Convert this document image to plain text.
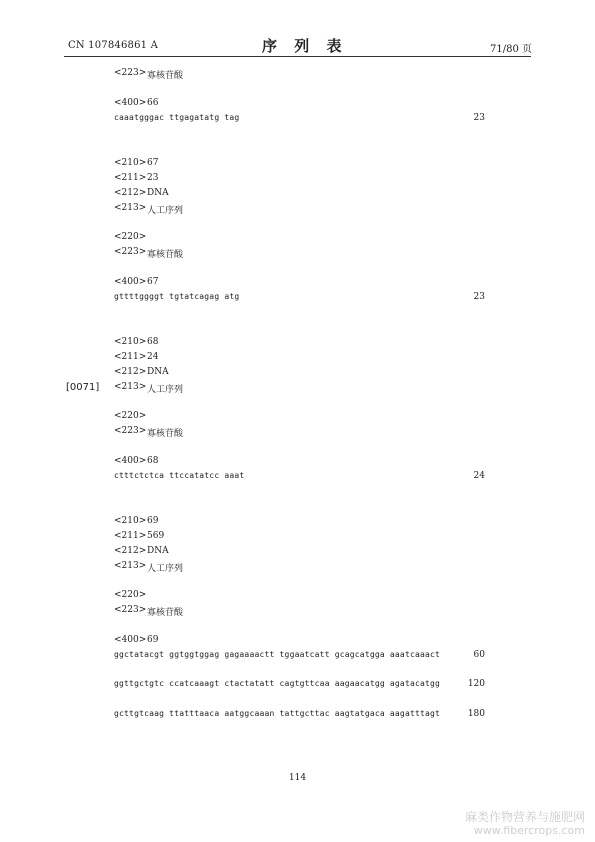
CN 107846861 A	序 列 表	71/80 页
[0071]
<223> 寡核苷酸
<400> 66
caaatgggac ttgagatatg tag	23
<210> 67
<211> 23
<212> DNA
<213> 人工序列
<220>
<223> 寡核苷酸
<400> 67
gttttggggt tgtatcagag atg	23
<210> 68
<211> 24
<212> DNA
<213> 人工序列
<220>
<223> 寡核苷酸
<400> 68
ctttctctca ttccatatcc aaat	24
<210> 69
<211> 569
<212> DNA
<213> 人工序列
<220>
<223> 寡核苷酸
<400> 69
ggctatacgt ggtggtggag gagaaaactt tggaatcatt gcagcatgga aaatcaaact	60
ggttgctgtc ccatcaaagt ctactatatt cagtgttcaa aagaacatgg agatacatgg	120
gcttgtcaag ttatttaaca aatggcaaan tattgcttac aagtatgaca aagatttagt	180
114
麻类作物营养与施肥网
www.fibercrops.com
